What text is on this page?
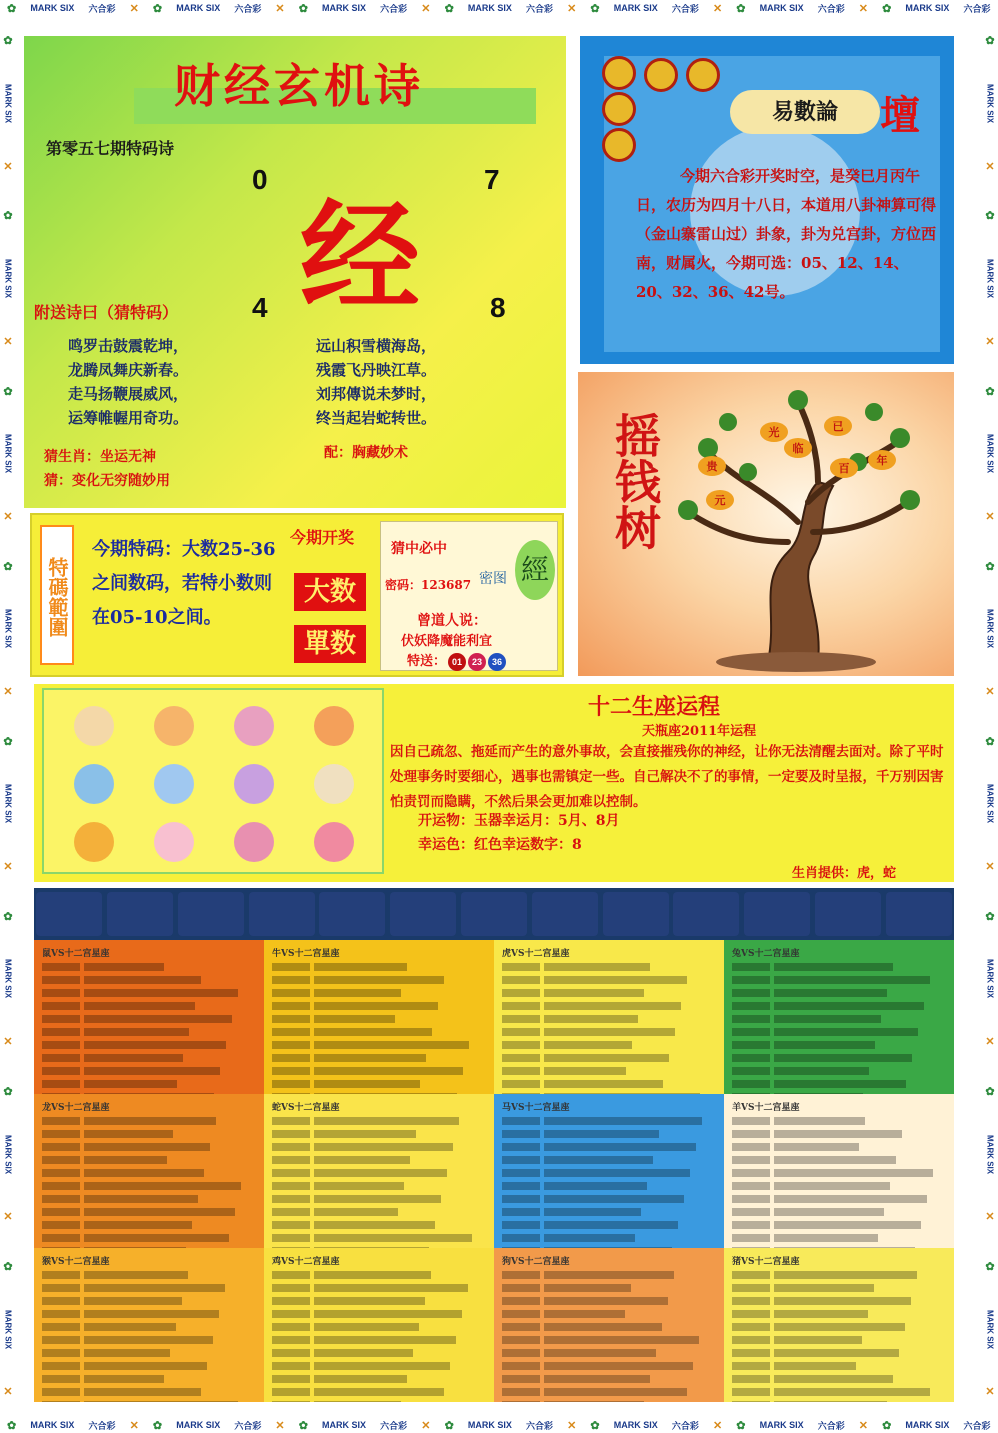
✿ MARK SIX 六合彩 ✕ ✿ MARK SIX 六合彩 ✕ ✿ MARK SIX 六合彩 ✕ ✿ MARK SIX 六合彩 ✕ ✿ MARK SIX 六合彩 ✕ ✿ MARK SIX 六合彩 ✕ ✿ MARK SIX 六合彩
✿ MARK SIX 六合彩 ✕ ✿ MARK SIX 六合彩 ✕ ✿ MARK SIX 六合彩 ✕ ✿ MARK SIX 六合彩 ✕ ✿ MARK SIX 六合彩 ✕ ✿ MARK SIX 六合彩 ✕ ✿ MARK SIX 六合彩
✿
MARK SIX
✕
✿
MARK SIX
✕
✿
MARK SIX
✕
✿
MARK SIX
✕
✿
MARK SIX
✕
✿
MARK SIX
✕
✿
MARK SIX
✕
✿
MARK SIX
✕
✿
MARK SIX
✕
✿
MARK SIX
✕
✿
MARK SIX
✕
✿
MARK SIX
✕
✿
MARK SIX
✕
✿
MARK SIX
✕
✿
MARK SIX
✕
✿
MARK SIX
✕
财经玄机诗
第零五七期特码诗
0	7
4	8
经
附送诗曰（猜特码）
鸣罗击鼓震乾坤，
龙腾凤舞庆新春。
走马扬鞭展威风，
运筹帷幄用奇功。
远山积雪横海岛，
残霞飞丹映江草。
刘邦傳说未梦时，
终当起岩蛇转世。
猜生肖：坐运无神
猜：变化无穷随妙用
配：胸藏妙术
易數論	壇
今期六合彩开奖时空，是癸巳月丙午日，农历为四月十八日，本道用八卦神算可得（金山寨雷山过）卦象，卦为兑宫卦，方位西南，财属火，今期可选：05、12、14、20、32、36、42号。
摇钱树	光	已
临
贵	百
年
元
特碼範圍
今期特码：大数25-36之间数码，若特小数则在05-10之间。
今期开奖
大数
單数
猜中必中
密图
密码：123687 經
曾道人说：
伏妖降魔能利宜
特送： 01 23 36
十二生座运程
天瓶座2011年运程
因自己疏忽、拖延而产生的意外事故，会直接摧残你的神经，让你无法清醒去面对。除了平时处理事务时要细心，遇事也需镇定一些。自己解决不了的事情，一定要及时呈报，千万别因害怕责罚而隐瞒，不然后果会更加难以控制。
开运物：玉器幸运月：5月、8月
幸运色：红色幸运数字：8
生肖提供：虎，蛇
鼠VS十二宫星座	牛VS十二宫星座	虎VS十二宫星座	兔VS十二宫星座
龙VS十二宫星座	蛇VS十二宫星座	马VS十二宫星座	羊VS十二宫星座
猴VS十二宫星座	鸡VS十二宫星座	狗VS十二宫星座	猪VS十二宫星座
